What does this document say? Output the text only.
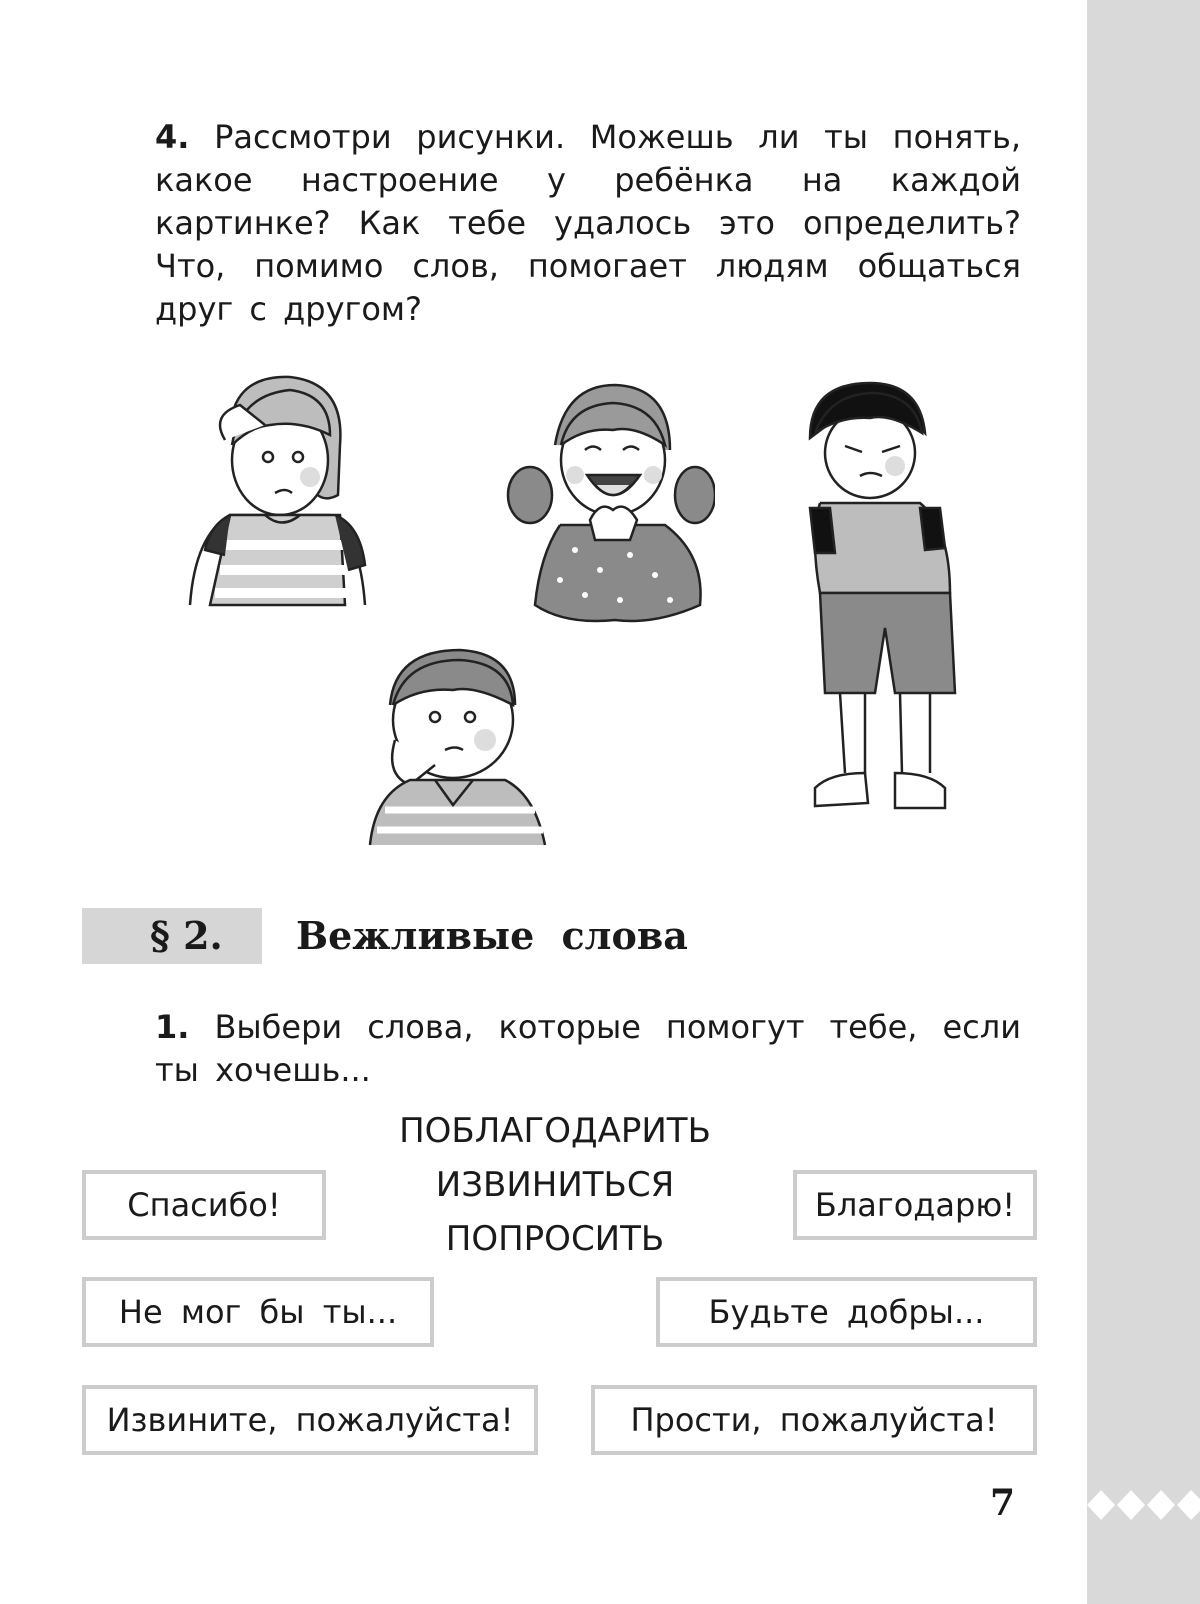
4. Рассмотри рисунки. Можешь ли ты понять, какое настроение у ребёнка на каждой картинке? Как тебе удалось это определить? Что, помимо слов, помогает людям общаться друг с другом?

§ 2. Вежливые слова

1. Выбери слова, которые помогут тебе, если ты хочешь...

ПОБЛАГОДАРИТЬ
ИЗВИНИТЬСЯ
ПОПРОСИТЬ
Спасибо!	Благодарю!
Не мог бы ты...	Будьте добры...
Извините, пожалуйста!	Прости, пожалуйста!
7
